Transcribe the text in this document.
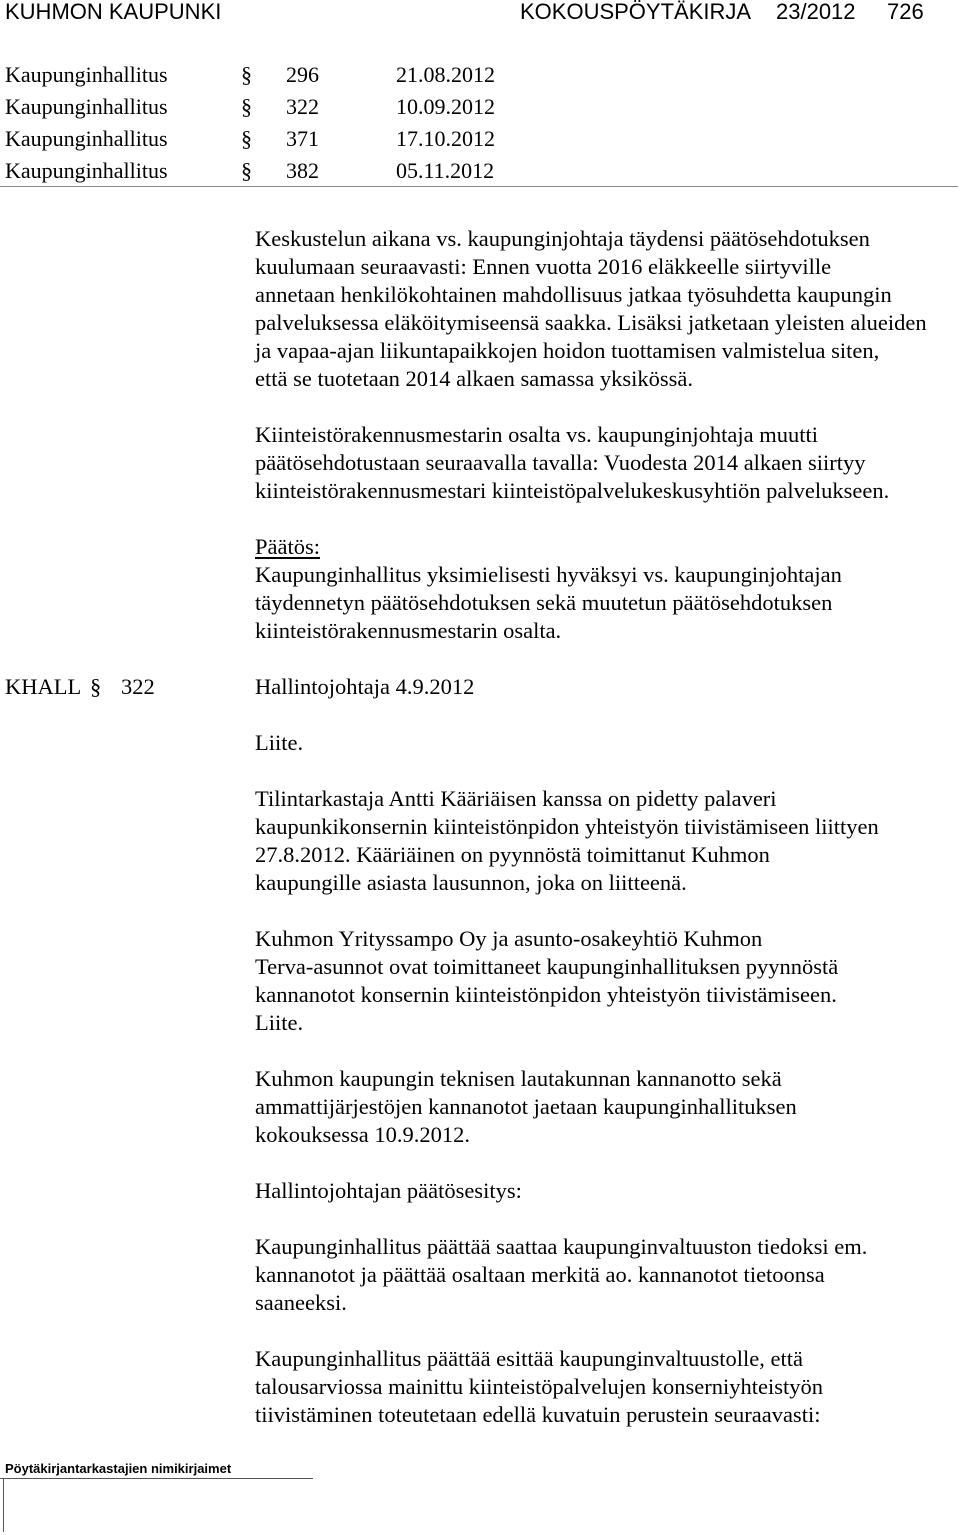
KUHMON KAUPUNKI	KOKOUSPÖYTÄKIRJA 23/2012 726
Kaupunginhallitus	§ 296	21.08.2012
Kaupunginhallitus	§ 322	10.09.2012
Kaupunginhallitus	§ 371	17.10.2012
Kaupunginhallitus	§ 382	05.11.2012
Keskustelun aikana vs. kaupunginjohtaja täydensi päätösehdotuksen
kuulumaan seuraavasti: Ennen vuotta 2016 eläkkeelle siirtyville
annetaan henkilökohtainen mahdollisuus jatkaa työsuhdetta kaupungin
palveluksessa eläköitymiseensä saakka. Lisäksi jatketaan yleisten alueiden
ja vapaa-ajan liikuntapaikkojen hoidon tuottamisen valmistelua siten,
että se tuotetaan 2014 alkaen samassa yksikössä.
Kiinteistörakennusmestarin osalta vs. kaupunginjohtaja muutti
päätösehdotustaan seuraavalla tavalla: Vuodesta 2014 alkaen siirtyy
kiinteistörakennusmestari kiinteistöpalvelukeskusyhtiön palvelukseen.
Päätös:
Kaupunginhallitus yksimielisesti hyväksyi vs. kaupunginjohtajan
täydennetyn päätösehdotuksen sekä muutetun päätösehdotuksen
kiinteistörakennusmestarin osalta.
KHALL § 322	Hallintojohtaja 4.9.2012
Liite.
Tilintarkastaja Antti Kääriäisen kanssa on pidetty palaveri
kaupunkikonsernin kiinteistönpidon yhteistyön tiivistämiseen liittyen
27.8.2012. Kääriäinen on pyynnöstä toimittanut Kuhmon
kaupungille asiasta lausunnon, joka on liitteenä.
Kuhmon Yrityssampo Oy ja asunto-osakeyhtiö Kuhmon
Terva-asunnot ovat toimittaneet kaupunginhallituksen pyynnöstä
kannanotot konsernin kiinteistönpidon yhteistyön tiivistämiseen.
Liite.
Kuhmon kaupungin teknisen lautakunnan kannanotto sekä
ammattijärjestöjen kannanotot jaetaan kaupunginhallituksen
kokouksessa 10.9.2012.
Hallintojohtajan päätösesitys:
Kaupunginhallitus päättää saattaa kaupunginvaltuuston tiedoksi em.
kannanotot ja päättää osaltaan merkitä ao. kannanotot tietoonsa
saaneeksi.
Kaupunginhallitus päättää esittää kaupunginvaltuustolle, että
talousarviossa mainittu kiinteistöpalvelujen konserniyhteistyön
tiivistäminen toteutetaan edellä kuvatuin perustein seuraavasti:
Pöytäkirjantarkastajien nimikirjaimet
